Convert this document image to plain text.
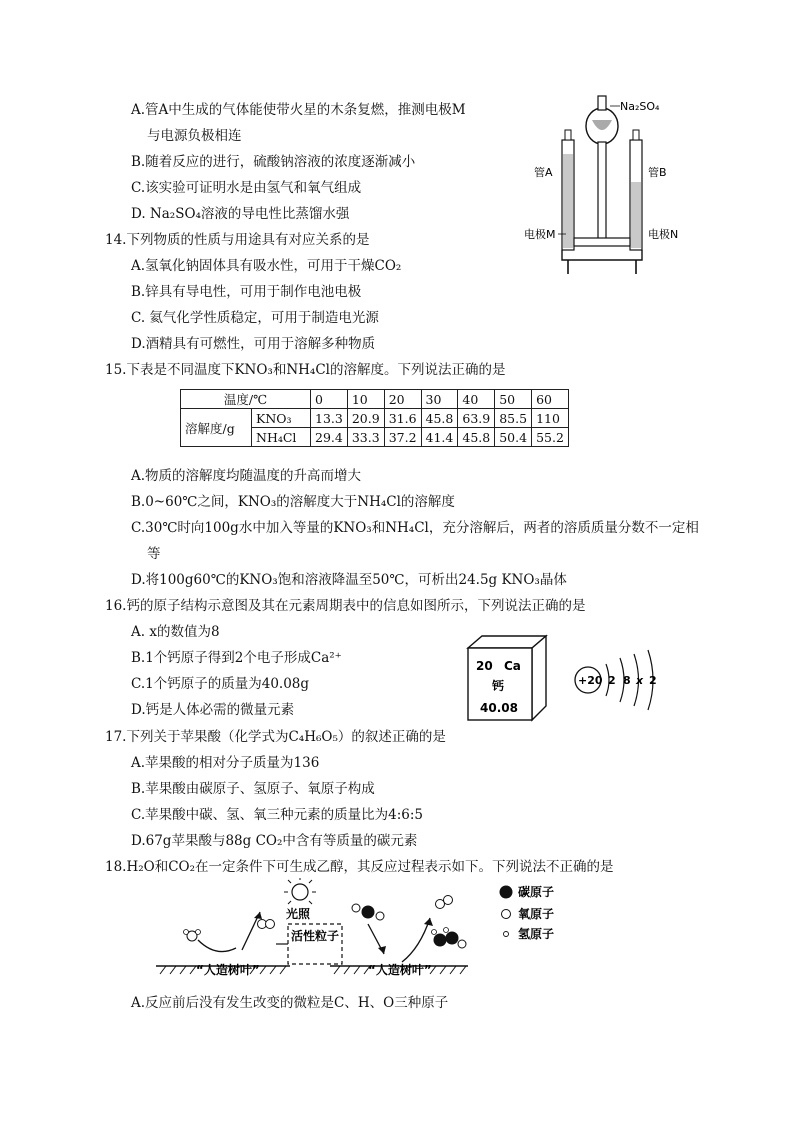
A.管A中生成的气体能使带火星的木条复燃，推测电极M
与电源负极相连
B.随着反应的进行，硫酸钠溶液的浓度逐渐减小
C.该实验可证明水是由氢气和氧气组成
D. Na₂SO₄溶液的导电性比蒸馏水强
Na₂SO₄
管A	管B
电极M	电极N
14.下列物质的性质与用途具有对应关系的是
A.氢氧化钠固体具有吸水性，可用于干燥CO₂
B.锌具有导电性，可用于制作电池电极
C. 氦气化学性质稳定，可用于制造电光源
D.酒精具有可燃性，可用于溶解多种物质
15.下表是不同温度下KNO₃和NH₄Cl的溶解度。下列说法正确的是
温度/℃		0	10	20	30	40	50	60
溶解度/g	KNO₃	13.3	20.9	31.6	45.8	63.9	85.5	110
	NH₄Cl	29.4	33.3	37.2	41.4	45.8	50.4	55.2
A.物质的溶解度均随温度的升高而增大
B.0~60℃之间，KNO₃的溶解度大于NH₄Cl的溶解度
C.30℃时向100g水中加入等量的KNO₃和NH₄Cl，充分溶解后，两者的溶质质量分数不一定相
等
D.将100g60℃的KNO₃饱和溶液降温至50℃，可析出24.5g KNO₃晶体
16.钙的原子结构示意图及其在元素周期表中的信息如图所示，下列说法正确的是
A. x的数值为8
B.1个钙原子得到2个电子形成Ca²⁺
C.1个钙原子的质量为40.08g
D.钙是人体必需的微量元素
20 Ca
钙
40.08
+20 2 8 x 2
17.下列关于苹果酸（化学式为C₄H₆O₅）的叙述正确的是
A.苹果酸的相对分子质量为136
B.苹果酸由碳原子、氢原子、氧原子构成
C.苹果酸中碳、氢、氧三种元素的质量比为4:6:5
D.67g苹果酸与88g CO₂中含有等质量的碳元素
18.H₂O和CO₂在一定条件下可生成乙醇，其反应过程表示如下。下列说法不正确的是
“人造树叶”	“人造树叶”
光照
活性粒子
碳原子
氧原子
氢原子
A.反应前后没有发生改变的微粒是C、H、O三种原子
